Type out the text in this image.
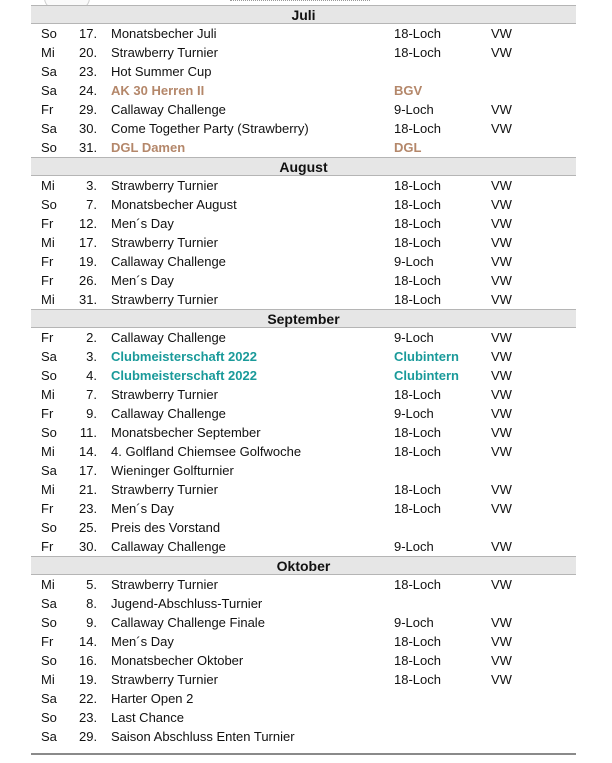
Juli
So 17. Monatsbecher Juli	18-Loch	VW
Mi 20. Strawberry Turnier	18-Loch	VW
Sa 23. Hot Summer Cup
Sa 24. AK 30 Herren II	BGV
Fr 29. Callaway Challenge	9-Loch	VW
Sa 30. Come Together Party (Strawberry)	18-Loch	VW
So 31. DGL Damen	DGL
August
Mi	3. Strawberry Turnier	18-Loch	VW
So	7. Monatsbecher August	18-Loch	VW
Fr 12. Men´s Day	18-Loch	VW
Mi 17. Strawberry Turnier	18-Loch	VW
Fr 19. Callaway Challenge	9-Loch	VW
Fr 26. Men´s Day	18-Loch	VW
Mi 31. Strawberry Turnier	18-Loch	VW
September
Fr	2. Callaway Challenge	9-Loch	VW
Sa	3. Clubmeisterschaft 2022	Clubintern VW
So	4. Clubmeisterschaft 2022	Clubintern VW
Mi	7. Strawberry Turnier	18-Loch	VW
Fr	9. Callaway Challenge	9-Loch	VW
So 11. Monatsbecher September	18-Loch	VW
Mi 14. 4. Golfland Chiemsee Golfwoche	18-Loch	VW
Sa 17. Wieninger Golfturnier
Mi 21. Strawberry Turnier	18-Loch	VW
Fr 23. Men´s Day	18-Loch	VW
So 25. Preis des Vorstand
Fr 30. Callaway Challenge	9-Loch	VW
Oktober
Mi	5. Strawberry Turnier	18-Loch	VW
Sa	8. Jugend-Abschluss-Turnier
So	9. Callaway Challenge Finale	9-Loch	VW
Fr 14. Men´s Day	18-Loch	VW
So 16. Monatsbecher Oktober	18-Loch	VW
Mi 19. Strawberry Turnier	18-Loch	VW
Sa 22. Harter Open 2
So 23. Last Chance
Sa 29. Saison Abschluss Enten Turnier
